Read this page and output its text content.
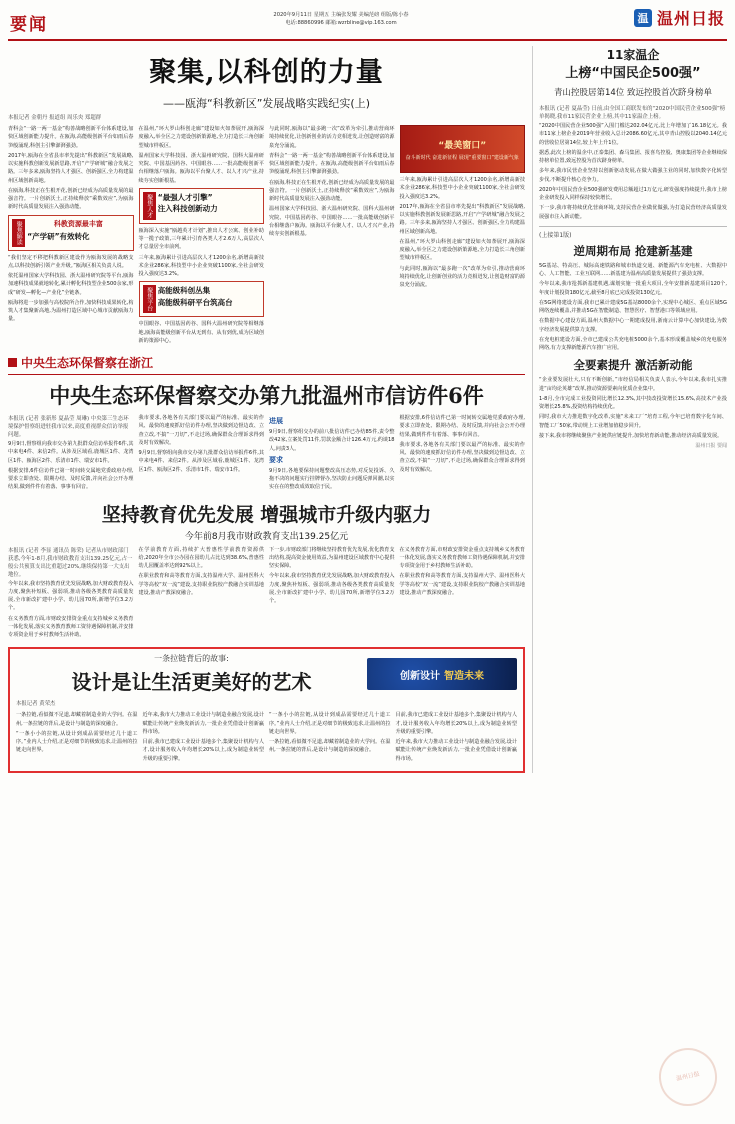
要闻	2020年9月11日 星期五 主编张发耀 美编范磅 组版/陈小春
电话:88860996 邮箱:wzrbline@vip.163.com	温 温州日报
聚集,以科创的力量
——瓯海“科教新区”发展战略实践纪实(上)
本报记者 金朝丹 报道组 周乐央 郑超群

青科会“一路一两一基金”构善战略创新平台体系建设,加快区域创新能力提升。在瓯海,高能级创新平台如雨后春笋般涌现,科创主引擎澎湃强劲。

2017年,瓯海在全省县市率先提出“科教新区”发展战略,以实施科教创新发展新思路,开启“产学研城”融合发展之路。三年多来,瓯海坚持人才强区、创新强区,全力构建温州区域创新高地。

在瓯海,科技正在生根开花,创新已经成为高质量发展的最强音符。一片创新沃土,正持续释放“乘数效应”,为瓯海新时代高质量发展注入强劲动能。

聚焦解读	科教资源最丰富
“产学研”有效转化

“我们坚定不移把科教新区建设作为瓯海发展的战略支点,以科技创新引领产业升级。”瓯海区相关负责人说。

依托温州国家大学科技园、浙大温州研究院等平台,瓯海加速科技成果就地转化,累计孵化科技型企业500余家,形成“研发—孵化—产业化”全链条。

瓯海将进一步加强与高校院所合作,加快科技成果转化,构筑人才集聚新高地,为温州打造区域中心城市贡献瓯海力量。

在温州,“环大罗山科创走廊”建设如火如荼展开,瓯海深度融入,举全区之力建设创新策源地,全力打造长三角创新型城市样板区。

温州国家大学科技园、浙大温州研究院、国科大温州研究院、中国基因药谷、中国眼谷……一批高能级创新平台相继落户瓯海。瓯海以平台聚人才、以人才兴产业,持续夯实创新根基。

聚焦人才 “最强人才引擎”
注入科技创新动力

瓯海深入实施“瓯越英才计划”,推出人才公寓、创业补助等一揽子政策,三年累计引育各类人才2.6万人,高层次人才总量居全市前列。

三年来,瓯海累计引进高层次人才1200余名,新增高新技术企业286家,科技型中小企业突破1100家,全社会研发投入强度达3.2%。

聚焦平台 高能级科创丛集
高能级科研平台筑高台

中国眼谷、中国基因药谷、国科大温州研究院等相继落地,瓯海高能级创新平台从无到有、从有到优,成为区域创新的策源中心。

与此同时,瓯海以“最多跑一次”改革为牵引,推动营商环境持续优化,让创新创业的活力竞相迸发,让创造财富的源泉充分涌流。

青科会“一路一两一基金”构善战略创新平台体系建设,加快区域创新能力提升。在瓯海,高能级创新平台如雨后春笋般涌现,科创主引擎澎湃强劲。

在瓯海,科技正在生根开花,创新已经成为高质量发展的最强音符。一片创新沃土,正持续释放“乘数效应”,为瓯海新时代高质量发展注入强劲动能。

温州国家大学科技园、浙大温州研究院、国科大温州研究院、中国基因药谷、中国眼谷……一批高能级创新平台相继落户瓯海。瓯海以平台聚人才、以人才兴产业,持续夯实创新根基。

“最美窗口”
奋斗新时代 奋进新征程 展现“重要窗口”建设新气象

三年来,瓯海累计引进高层次人才1200余名,新增高新技术企业286家,科技型中小企业突破1100家,全社会研发投入强度达3.2%。

2017年,瓯海在全省县市率先提出“科教新区”发展战略,以实施科教创新发展新思路,开启“产学研城”融合发展之路。三年多来,瓯海坚持人才强区、创新强区,全力构建温州区域创新高地。

在温州,“环大罗山科创走廊”建设如火如荼展开,瓯海深度融入,举全区之力建设创新策源地,全力打造长三角创新型城市样板区。

与此同时,瓯海以“最多跑一次”改革为牵引,推动营商环境持续优化,让创新创业的活力竞相迸发,让创造财富的源泉充分涌流。

中央生态环保督察在浙江
中央生态环保督察交办第九批温州市信访件6件
本报讯 (记者 张新彤 夏晶莹 周琳) 中央第三生态环境保护督察组进驻我市以来,高度重视群众信访举报问题。

9月9日,督察组向我市交办第九批群众信访举报件6件,其中来电4件、来信2件。从涉及区域看,鹿城区1件、龙湾区1件、瓯海区2件、乐清市1件、瑞安市1件。

根据安排,6件信访件已第一时间转交属地党委政府办理,要求立即查处、限期办结、及时反馈,并向社会公开办理结果,做到件件有着落、事事有回音。

我市要求,各地各有关部门要以最严的标准、最实的作风、最快的速度抓好信访件办理,坚决做到边督边改、立查立改,不搞“一刀切”,不走过场,确保群众合理诉求得到及时有效解决。

9月9日,督察组向我市交办第九批群众信访举报件6件,其中来电4件、来信2件。从涉及区域看,鹿城区1件、龙湾区1件、瓯海区2件、乐清市1件、瑞安市1件。

进展

9月9日,督察组交办的前八批信访件已办结85件,责令整改42家,立案处罚11件,罚款金额合计126.4万元,约谈18人,问责3人。

要求

9月9日,各地要保持问题整改高压态势,对反复投诉、久拖不决的问题实行挂牌督办,坚决防止问题反弹回潮,以实实在在的整改成效取信于民。

根据安排,6件信访件已第一时间转交属地党委政府办理,要求立即查处、限期办结、及时反馈,并向社会公开办理结果,做到件件有着落、事事有回音。

我市要求,各地各有关部门要以最严的标准、最实的作风、最快的速度抓好信访件办理,坚决做到边督边改、立查立改,不搞“一刀切”,不走过场,确保群众合理诉求得到及时有效解决。

坚持教育优先发展 增强城市升级内驱力
今年前8月我市财政教育支出139.25亿元
本报讯 (记者 李显 通讯员 陈荣) 记者从市财政部门获悉,今年1-8月,我市财政教育支出139.25亿元,占一般公共预算支出比重超过20%,继续保持第一大支出地位。

今年以来,我市坚持教育优先发展战略,加大财政教育投入力度,聚焦补短板、强弱项,推动各级各类教育高质量发展,全市新改扩建中小学、幼儿园70所,新增学位3.2万个。

在义务教育方面,市财政安排资金重点支持城乡义务教育一体化发展,落实义务教育教师工资待遇保障机制,并安排专项资金用于乡村教师生活补助。

在学前教育方面,持续扩大普惠性学前教育资源供给,2020年全市公办园在园幼儿占比达到38.6%,普惠性幼儿园覆盖率达到92%以上。

在职业教育和高等教育方面,支持温州大学、温州医科大学等高校“双一流”建设,支持职业院校产教融合实训基地建设,推动产教深度融合。

下一步,市财政部门将继续坚持教育优先发展,优化教育支出结构,提高资金使用效益,为温州建设区域教育中心提供坚实保障。

今年以来,我市坚持教育优先发展战略,加大财政教育投入力度,聚焦补短板、强弱项,推动各级各类教育高质量发展,全市新改扩建中小学、幼儿园70所,新增学位3.2万个。

在义务教育方面,市财政安排资金重点支持城乡义务教育一体化发展,落实义务教育教师工资待遇保障机制,并安排专项资金用于乡村教师生活补助。

在职业教育和高等教育方面,支持温州大学、温州医科大学等高校“双一流”建设,支持职业院校产教融合实训基地建设,推动产教深度融合。

一条拉链背后的故事:
设计是让生活更美好的艺术	创新设计 智造未来
本报记者 黄荣杰

一条拉链,看似微不足道,却藏着制造业的大学问。在温州,一条拉链的背后,是设计与制造的深度融合。

“一条小小的拉链,从设计到成品需要经过几十道工序。”业内人士介绍,正是对细节的极致追求,让温州的拉链走向世界。

近年来,我市大力推动工业设计与制造业融合发展,设计赋能让传统产业焕发新活力,一批企业凭借设计创新赢得市场。

目前,我市已建成工业设计基地多个,集聚设计机构与人才,设计服务收入年均增长20%以上,成为制造业转型升级的重要引擎。

“一条小小的拉链,从设计到成品需要经过几十道工序。”业内人士介绍,正是对细节的极致追求,让温州的拉链走向世界。

一条拉链,看似微不足道,却藏着制造业的大学问。在温州,一条拉链的背后,是设计与制造的深度融合。

目前,我市已建成工业设计基地多个,集聚设计机构与人才,设计服务收入年均增长20%以上,成为制造业转型升级的重要引擎。

近年来,我市大力推动工业设计与制造业融合发展,设计赋能让传统产业焕发新活力,一批企业凭借设计创新赢得市场。

11家温企
上榜“中国民企500强”
青山控股居第14位 致远控股首次跻身榜单
本报讯 (记者 夏晶莹) 日前,由全国工商联发布的“2020中国民营企业500强”榜单揭晓,我市11家民营企业上榜,其中11家温企上榜。

“2020中国民营企业500强”入围门槛达202.04亿元,比上年增加了16.18亿元。我市11家上榜企业2019年营业收入总计2086.60亿元,其中青山控股以2040.14亿元的营收位居第14位,较上年上升1位。

据悉,此次上榜的温企中,正泰集团、森马集团、报喜鸟控股、奥康集团等企业继续保持榜单位置,致远控股为首次跻身榜单。

多年来,我市民营企业坚持以创新驱动发展,在做大做强主业的同时,加快数字化转型步伐,不断提升核心竞争力。

2020年中国民营企业500强研发费用总额超过1万亿元,研发强度持续提升,我市上榜企业研发投入同样保持较快增长。

下一步,我市将持续优化营商环境,支持民营企业做优做强,为打造民营经济高质量发展强市注入新动能。

(上接第1版)
逆周期布局 抢建新基建

5G基站、特高压、城际高速铁路和城市轨道交通、新能源汽车充电桩、大数据中心、人工智能、工业互联网……新基建为温州高质量发展提供了强劲支撑。

今年以来,我市抢抓新基建机遇,谋划实施一批重大项目,全年安排新基建项目120个,年度计划投资180亿元,截至8月底已完成投资130亿元。

在5G网络建设方面,我市已累计建成5G基站8000余个,实现中心城区、重点区域5G网络连续覆盖,并推动5G在智能制造、智慧医疗、智慧港口等领域应用。

在数据中心建设方面,温州大数据中心一期建成投用,浙南云计算中心加快建设,为数字经济发展提供算力支撑。

在充电桩建设方面,全市已建成公共充电桩5000余个,基本形成覆盖城乡的充电服务网络,有力支撑新能源汽车推广应用。

全要素提升 激活新动能

“企业要发展壮大,只有不断创新。”市经信局相关负责人表示,今年以来,我市扎实推进“亩均论英雄”改革,推动资源要素向优质企业集中。

1-8月,全市完成工业投资同比增长12.3%,其中技改投资增长15.6%,高技术产业投资增长25.8%,投资结构持续优化。

同时,我市大力推进数字化改革,实施“未来工厂”培育工程,今年已培育数字化车间、智能工厂50家,带动规上工业增加值稳步回升。

接下来,我市将继续聚焦产业链供应链提升,加快培育新动能,推动经济高质量发展。

温州日报 要闻
温州日报
